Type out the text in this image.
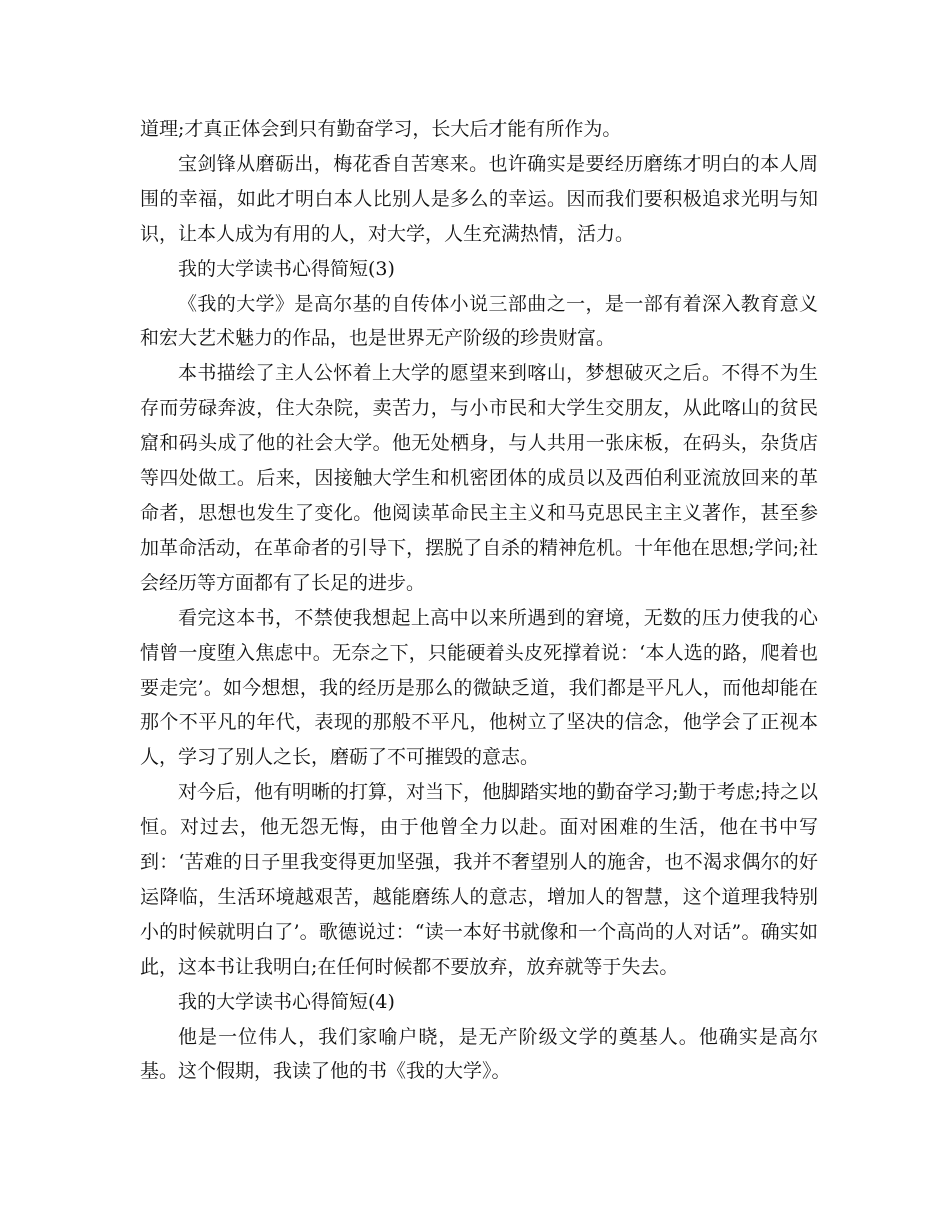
道理;才真正体会到只有勤奋学习，长大后才能有所作为。

宝剑锋从磨砺出，梅花香自苦寒来。也许确实是要经历磨练才明白的本人周围的幸福，如此才明白本人比别人是多么的幸运。因而我们要积极追求光明与知识，让本人成为有用的人，对大学，人生充满热情，活力。

我的大学读书心得简短(3)

《我的大学》是高尔基的自传体小说三部曲之一，是一部有着深入教育意义和宏大艺术魅力的作品，也是世界无产阶级的珍贵财富。

本书描绘了主人公怀着上大学的愿望来到喀山，梦想破灭之后。不得不为生存而劳碌奔波，住大杂院，卖苦力，与小市民和大学生交朋友，从此喀山的贫民窟和码头成了他的社会大学。他无处栖身，与人共用一张床板，在码头，杂货店等四处做工。后来，因接触大学生和机密团体的成员以及西伯利亚流放回来的革命者，思想也发生了变化。他阅读革命民主主义和马克思民主主义著作，甚至参加革命活动，在革命者的引导下，摆脱了自杀的精神危机。十年他在思想;学问;社会经历等方面都有了长足的进步。

看完这本书，不禁使我想起上高中以来所遇到的窘境，无数的压力使我的心情曾一度堕入焦虑中。无奈之下，只能硬着头皮死撑着说：‘本人选的路，爬着也要走完’。如今想想，我的经历是那么的微缺乏道，我们都是平凡人，而他却能在那个不平凡的年代，表现的那般不平凡，他树立了坚决的信念，他学会了正视本人，学习了别人之长，磨砺了不可摧毁的意志。

对今后，他有明晰的打算，对当下，他脚踏实地的勤奋学习;勤于考虑;持之以恒。对过去，他无怨无悔，由于他曾全力以赴。面对困难的生活，他在书中写到：‘苦难的日子里我变得更加坚强，我并不奢望别人的施舍，也不渴求偶尔的好运降临，生活环境越艰苦，越能磨练人的意志，增加人的智慧，这个道理我特别小的时候就明白了’。歌德说过：“读一本好书就像和一个高尚的人对话”。确实如此，这本书让我明白;在任何时候都不要放弃，放弃就等于失去。

我的大学读书心得简短(4)

他是一位伟人，我们家喻户晓，是无产阶级文学的奠基人。他确实是高尔基。这个假期，我读了他的书《我的大学》。
